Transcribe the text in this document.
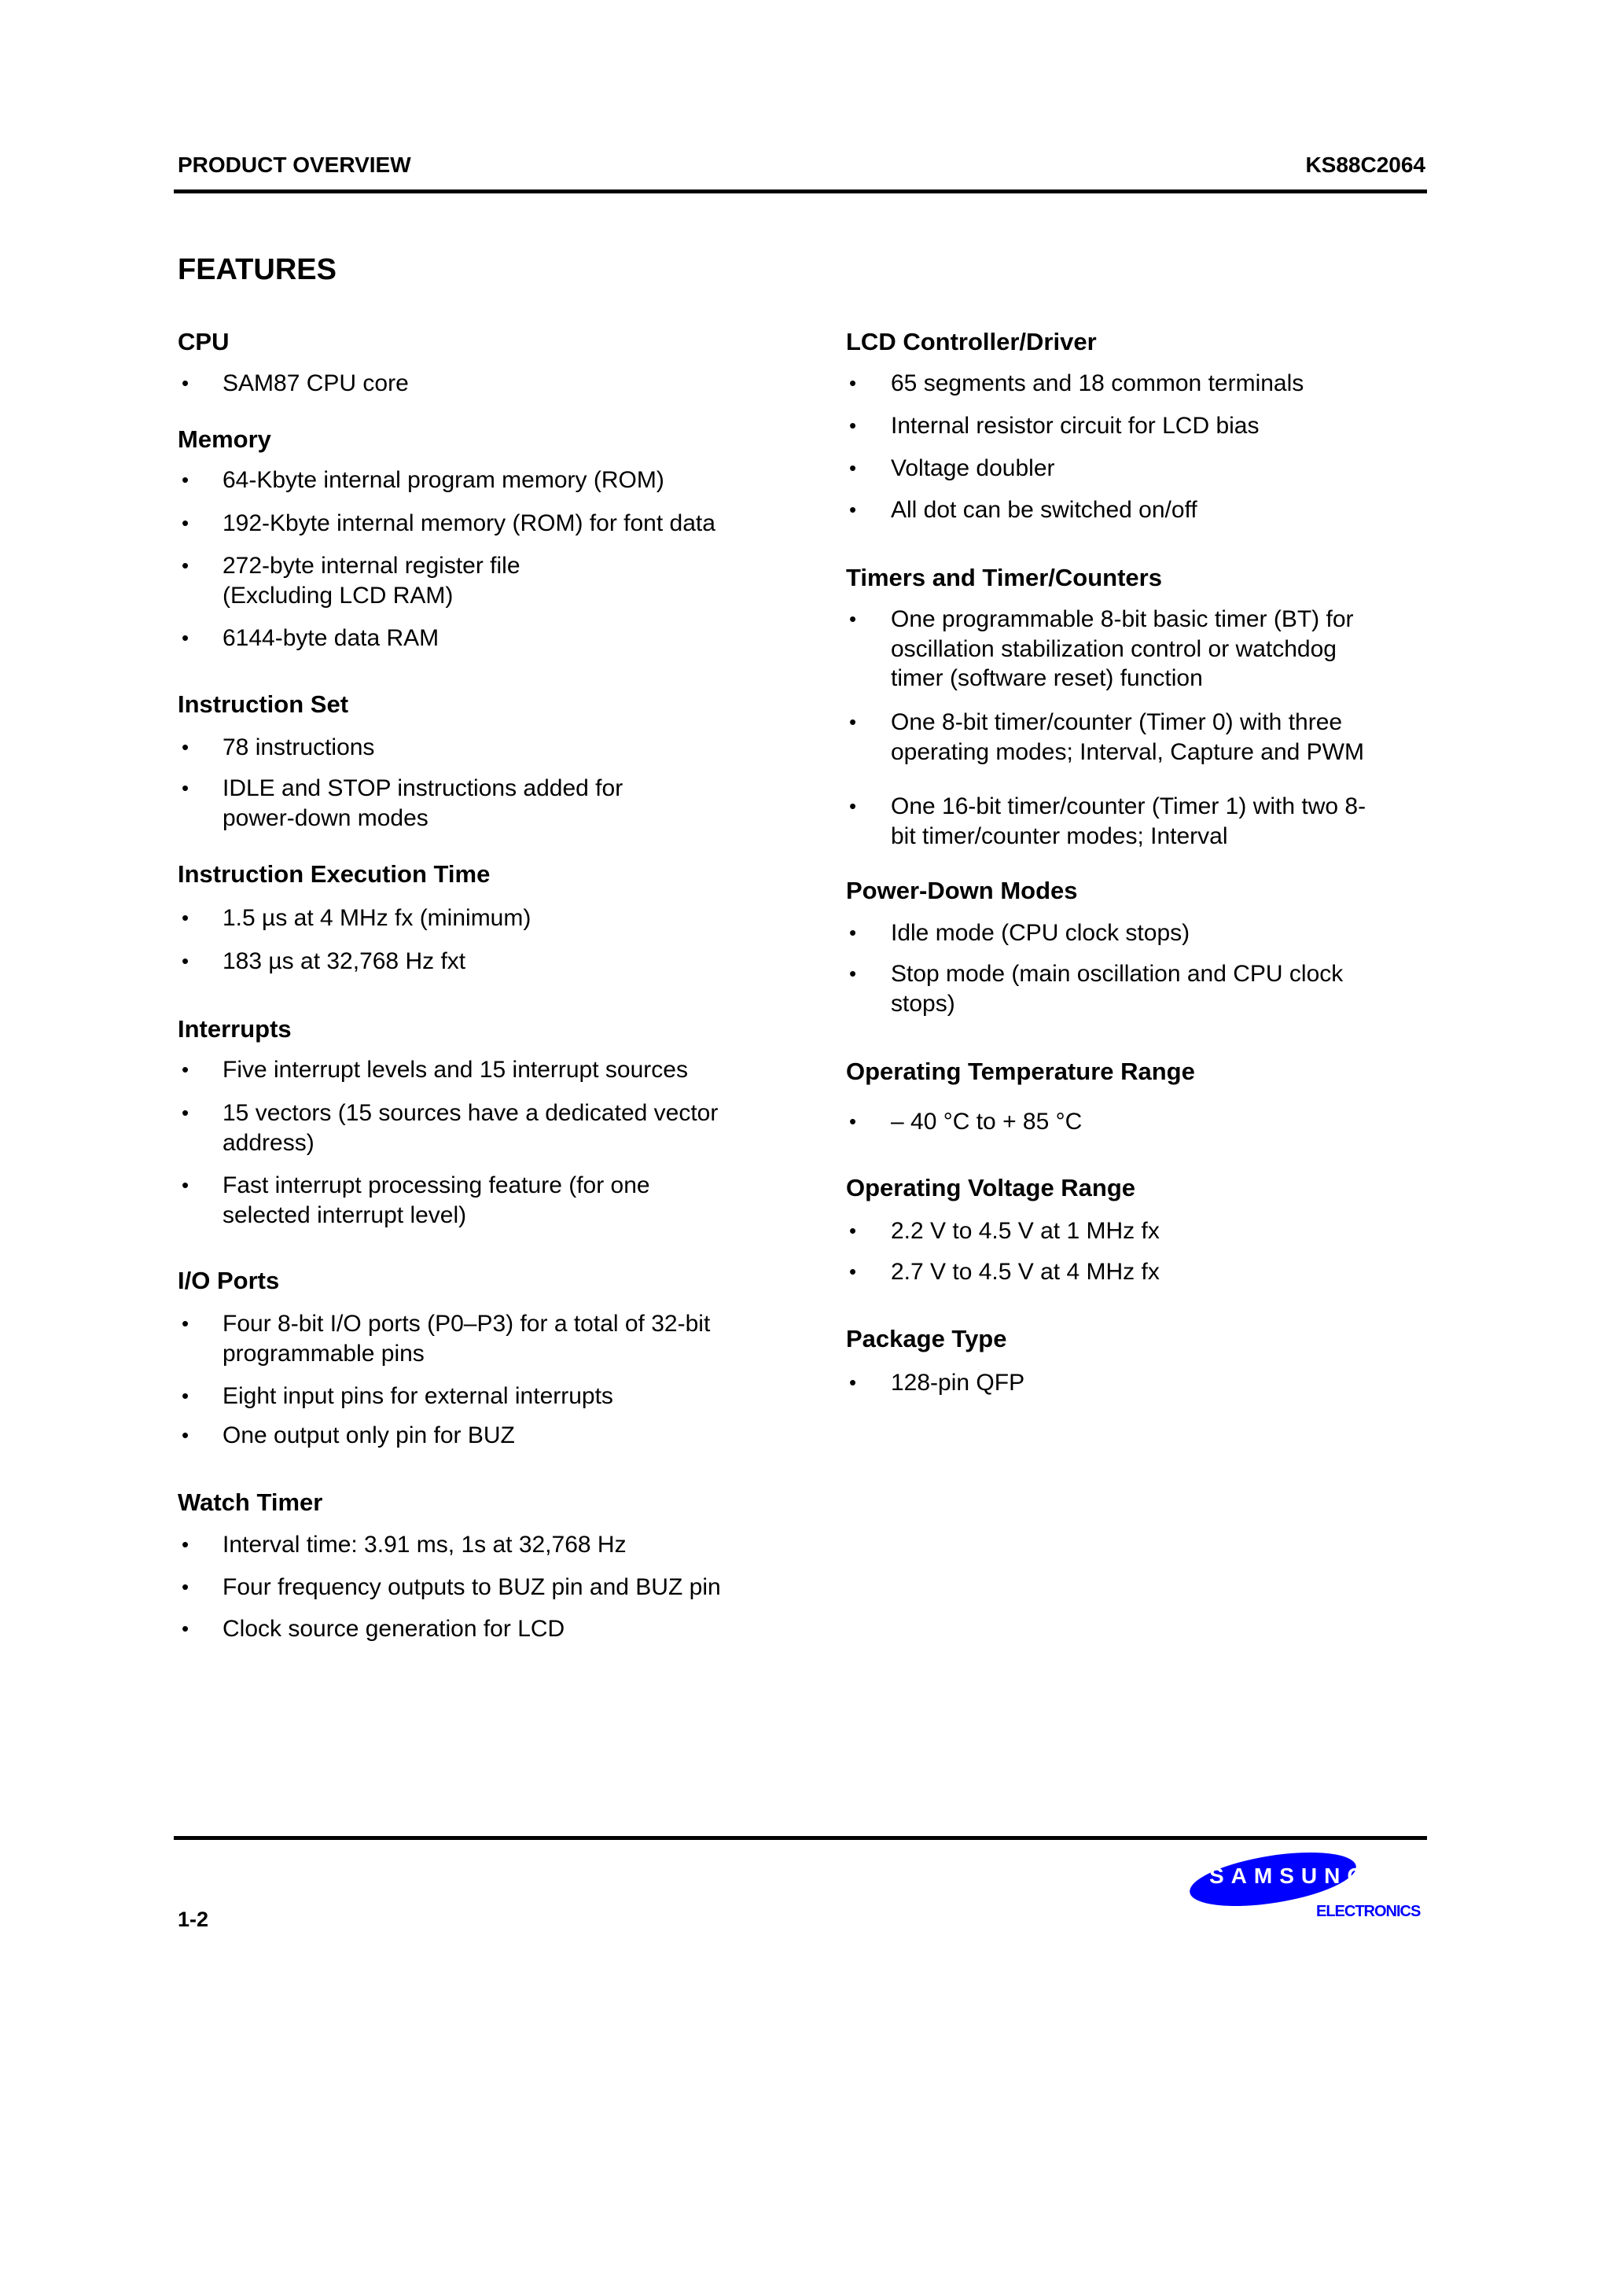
PRODUCT OVERVIEW	KS88C2064
FEATURES
CPU
• SAM87 CPU core
Memory
• 64-Kbyte internal program memory (ROM)
• 192-Kbyte internal memory (ROM) for font data
• 272-byte internal register file
(Excluding LCD RAM)
• 6144-byte data RAM
Instruction Set
• 78 instructions
• IDLE and STOP instructions added for
power-down modes
Instruction Execution Time
• 1.5 µs at 4 MHz fx (minimum)
• 183 µs at 32,768 Hz fxt
Interrupts
• Five interrupt levels and 15 interrupt sources
• 15 vectors (15 sources have a dedicated vector
address)
• Fast interrupt processing feature (for one
selected interrupt level)
I/O Ports
• Four 8-bit I/O ports (P0–P3) for a total of 32-bit
programmable pins
• Eight input pins for external interrupts
• One output only pin for BUZ
Watch Timer
• Interval time: 3.91 ms, 1s at 32,768 Hz
• Four frequency outputs to BUZ pin and BUZ pin
• Clock source generation for LCD
LCD Controller/Driver
• 65 segments and 18 common terminals
• Internal resistor circuit for LCD bias
• Voltage doubler
• All dot can be switched on/off
Timers and Timer/Counters
• One programmable 8-bit basic timer (BT) for
oscillation stabilization control or watchdog
timer (software reset) function
• One 8-bit timer/counter (Timer 0) with three
operating modes; Interval, Capture and PWM
• One 16-bit timer/counter (Timer 1) with two 8-
bit timer/counter modes; Interval
Power-Down Modes
• Idle mode (CPU clock stops)
• Stop mode (main oscillation and CPU clock
stops)
Operating Temperature Range
• – 40 °C to + 85 °C
Operating Voltage Range
• 2.2 V to 4.5 V at 1 MHz fx
• 2.7 V to 4.5 V at 4 MHz fx
Package Type
• 128-pin QFP
1-2
SAMSUNG
ELECTRONICS
